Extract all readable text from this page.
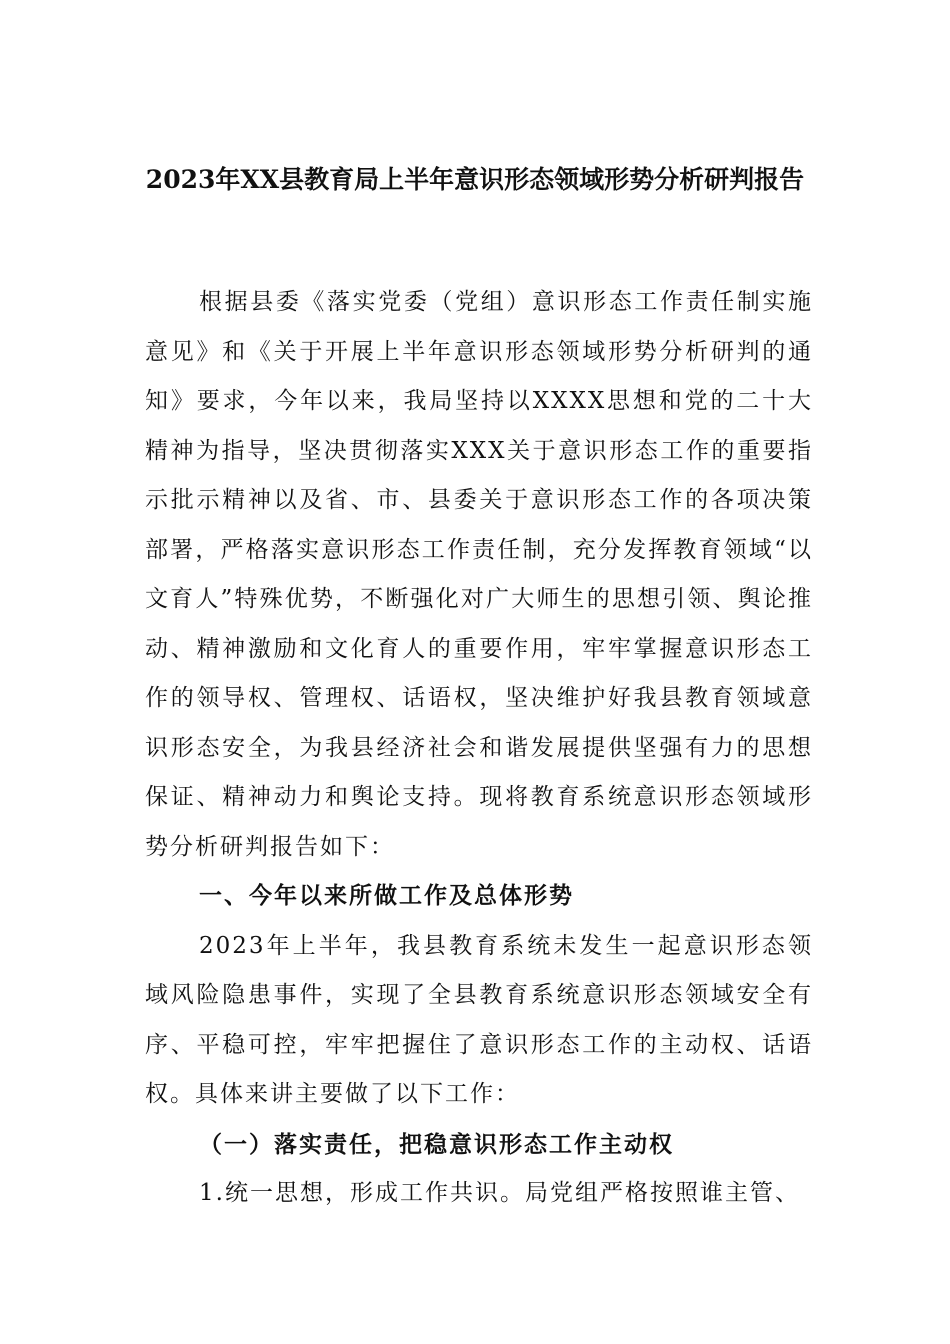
2023年XX县教育局上半年意识形态领域形势分析研判报告

根据县委《落实党委（党组）意识形态工作责任制实施意见》和《关于开展上半年意识形态领域形势分析研判的通知》要求，今年以来，我局坚持以XXXX思想和党的二十大精神为指导，坚决贯彻落实XXX关于意识形态工作的重要指示批示精神以及省、市、县委关于意识形态工作的各项决策部署，严格落实意识形态工作责任制，充分发挥教育领域“以文育人”特殊优势，不断强化对广大师生的思想引领、舆论推动、精神激励和文化育人的重要作用，牢牢掌握意识形态工作的领导权、管理权、话语权，坚决维护好我县教育领域意识形态安全，为我县经济社会和谐发展提供坚强有力的思想保证、精神动力和舆论支持。现将教育系统意识形态领域形势分析研判报告如下：

一、今年以来所做工作及总体形势

2023年上半年，我县教育系统未发生一起意识形态领域风险隐患事件，实现了全县教育系统意识形态领域安全有序、平稳可控，牢牢把握住了意识形态工作的主动权、话语权。具体来讲主要做了以下工作：

（一）落实责任，把稳意识形态工作主动权

1.统一思想，形成工作共识。局党组严格按照谁主管、
